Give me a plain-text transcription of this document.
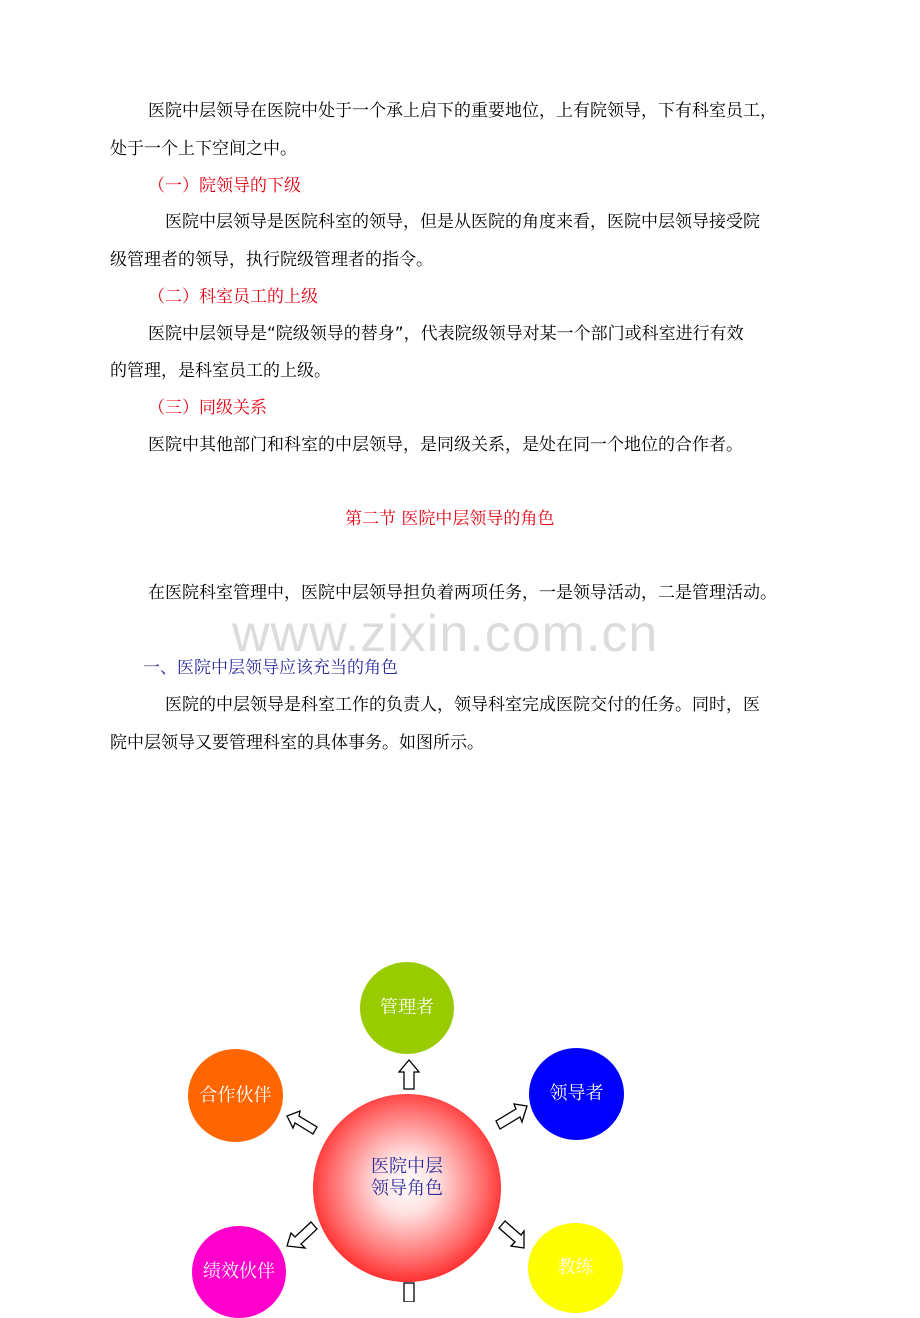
医院中层领导在医院中处于一个承上启下的重要地位，上有院领导，下有科室员工，
处于一个上下空间之中。
（一）院领导的下级
医院中层领导是医院科室的领导，但是从医院的角度来看，医院中层领导接受院
级管理者的领导，执行院级管理者的指令。
（二）科室员工的上级
医院中层领导是“院级领导的替身”，代表院级领导对某一个部门或科室进行有效
的管理，是科室员工的上级。
（三）同级关系
医院中其他部门和科室的中层领导，是同级关系，是处在同一个地位的合作者。
第二节 医院中层领导的角色
在医院科室管理中，医院中层领导担负着两项任务，一是领导活动，二是管理活动。
www.zixin.com.cn
一、医院中层领导应该充当的角色
医院的中层领导是科室工作的负责人，领导科室完成医院交付的任务。同时，医
院中层领导又要管理科室的具体事务。如图所示。
管理者
领导者
合作伙伴
绩效伙伴	教练
医院中层
领导角色
